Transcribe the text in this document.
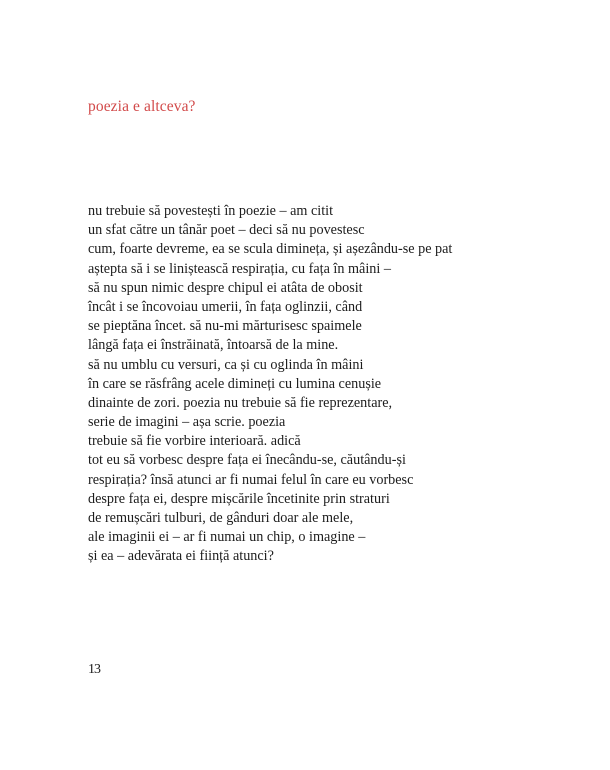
poezia e altceva?
nu trebuie să povestești în poezie – am citit
un sfat către un tânăr poet – deci să nu povestesc
cum, foarte devreme, ea se scula dimineța, și așezându-se pe pat
aștepta să i se liniștească respirația, cu fața în mâini –
să nu spun nimic despre chipul ei atâta de obosit
încât i se încovoiau umerii, în fața oglinzii, când
se pieptăna încet. să nu-mi mărturisesc spaimele
lângă fața ei înstrăinată, întoarsă de la mine.
să nu umblu cu versuri, ca și cu oglinda în mâini
în care se răsfrâng acele dimineți cu lumina cenușie
dinainte de zori. poezia nu trebuie să fie reprezentare,
serie de imagini – așa scrie. poezia
trebuie să fie vorbire interioară. adică
tot eu să vorbesc despre fața ei înecându-se, căutându-și
respirația? însă atunci ar fi numai felul în care eu vorbesc
despre fața ei, despre mișcările încetinite prin straturi
de remușcări tulburi, de gânduri doar ale mele,
ale imaginii ei – ar fi numai un chip, o imagine –
și ea – adevărata ei ființă atunci?
13
